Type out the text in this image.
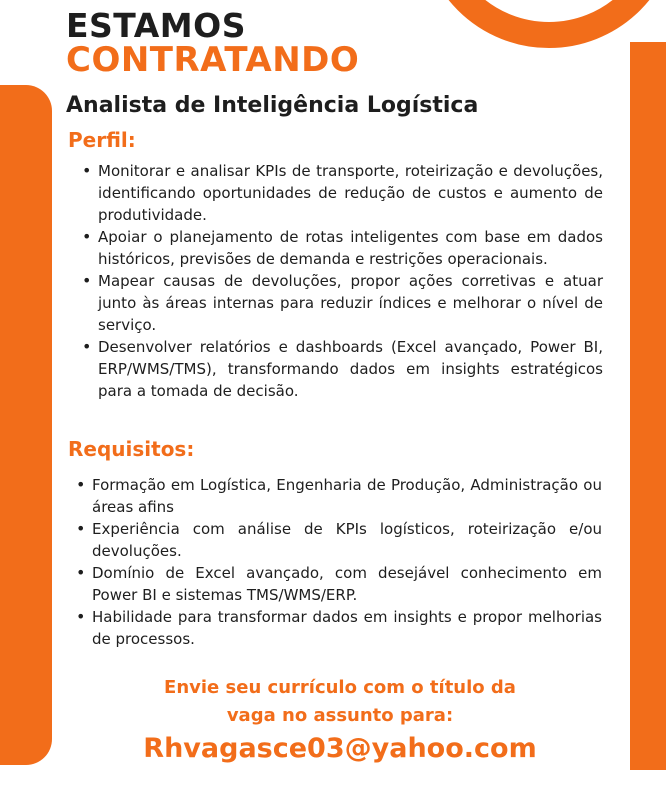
ESTAMOS
CONTRATANDO
Analista de Inteligência Logística
Perfil:
• Monitorar e analisar KPIs de transporte, roteirização e devoluções, identificando oportunidades de redução de custos e aumento de produtividade.
• Apoiar o planejamento de rotas inteligentes com base em dados históricos, previsões de demanda e restrições operacionais.
• Mapear causas de devoluções, propor ações corretivas e atuar junto às áreas internas para reduzir índices e melhorar o nível de serviço.
• Desenvolver relatórios e dashboards (Excel avançado, Power BI, ERP/WMS/TMS), transformando dados em insights estratégicos para a tomada de decisão.
Requisitos:
• Formação em Logística, Engenharia de Produção, Administração ou áreas afins
• Experiência com análise de KPIs logísticos, roteirização e/ou devoluções.
• Domínio de Excel avançado, com desejável conhecimento em Power BI e sistemas TMS/WMS/ERP.
• Habilidade para transformar dados em insights e propor melhorias de processos.

Envie seu currículo com o título da

vaga no assunto para:

Rhvagasce03@yahoo.com
